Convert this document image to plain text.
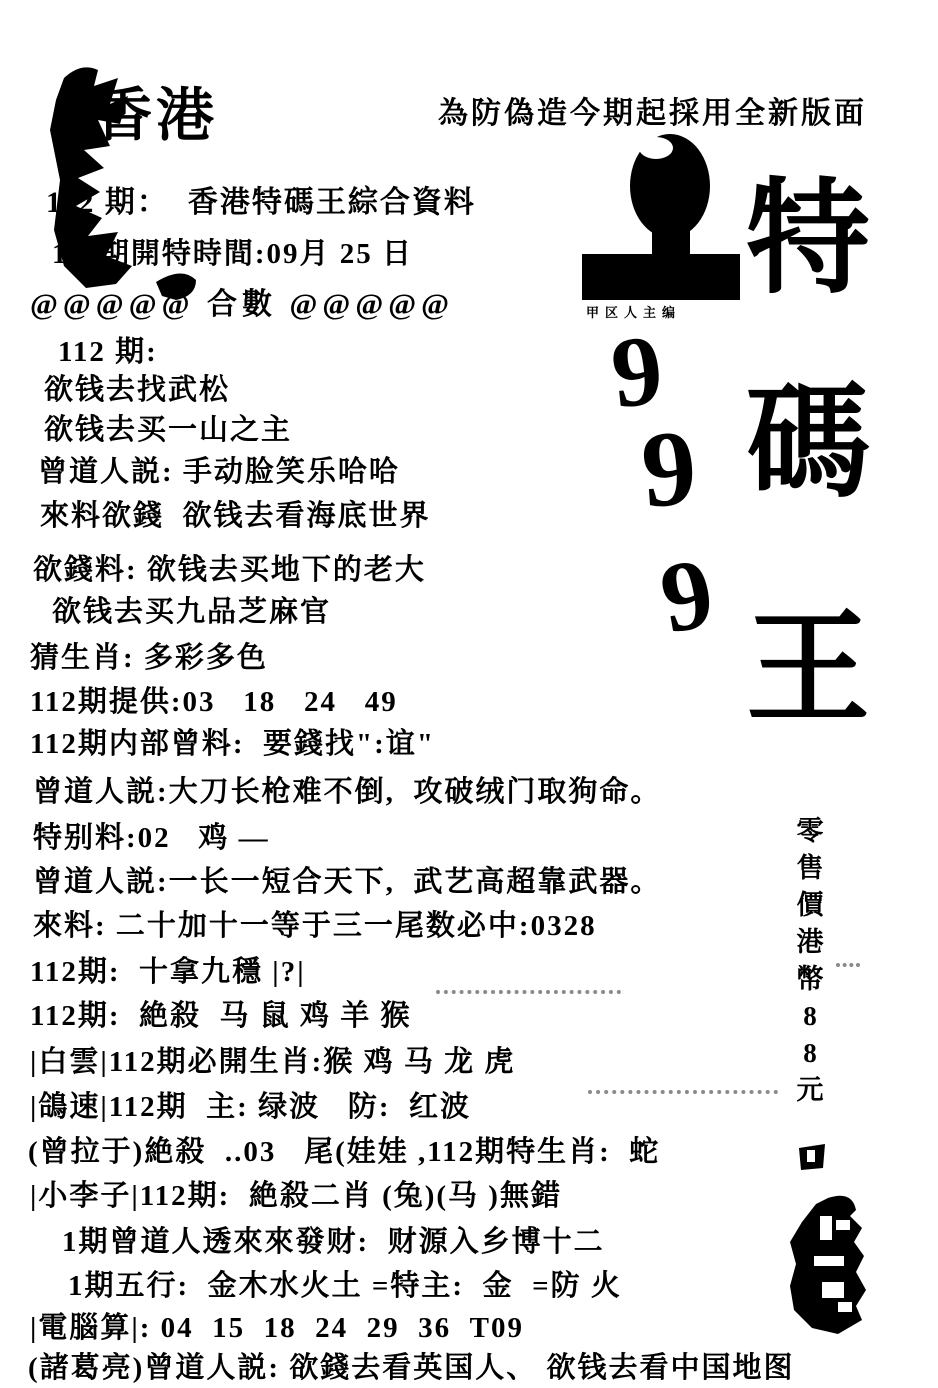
香港	為防偽造今期起採用全新版面
甲区人主编
9
9
9
特
碼
王
零
售
價
港
幣
8
8
元
112 期：  香港特碼王綜合資料
112期開特時間:09月 25 日
@@@@@ 合數 @@@@@
112 期:
欲钱去找武松
欲钱去买一山之主
曾道人説: 手动脸笑乐哈哈
來料欲錢  欲钱去看海底世界
欲錢料: 欲钱去买地下的老大
欲钱去买九品芝麻官
猜生肖: 多彩多色
112期提供:03   18   24   49
112期内部曾料:  要錢找":谊"
曾道人説:大刀长枪难不倒,  攻破绒门取狗命。
特别料:02   鸡 —
曾道人説:一长一短合天下,  武艺高超靠武器。
來料: 二十加十一等于三一尾数必中:0328
112期:  十拿九穩 |?|
112期:  絶殺  马 鼠 鸡 羊 猴
|白雲|112期必開生肖:猴 鸡 马 龙 虎
|鴿速|112期  主: 绿波   防:  红波
(曾拉于)絶殺  ..03   尾(娃娃 ,112期特生肖:  蛇
|小李子|112期:  絶殺二肖 (兔)(马 )無錯
1期曾道人透來來發财:  财源入乡博十二
1期五行:  金木水火土 =特主:  金  =防 火
|電腦算|: 04  15  18  24  29  36  T09
(諸葛亮)曾道人説: 欲錢去看英国人、 欲钱去看中国地图
